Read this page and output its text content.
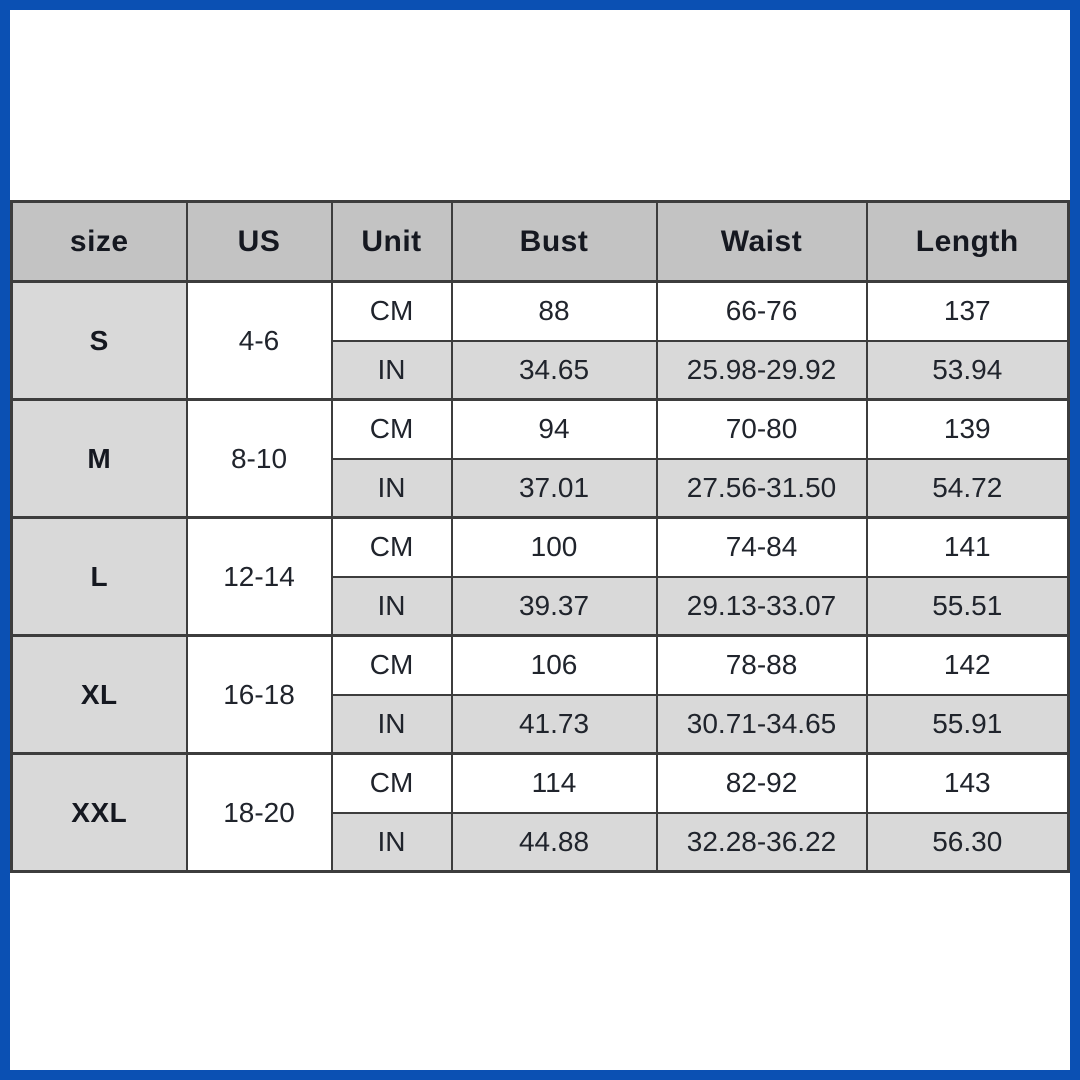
size	US	Unit	Bust	Waist	Length
S	4-6	CM	88	66-76	137
		IN	34.65	25.98-29.92	53.94
M	8-10	CM	94	70-80	139
		IN	37.01	27.56-31.50	54.72
L	12-14	CM	100	74-84	141
		IN	39.37	29.13-33.07	55.51
XL	16-18	CM	106	78-88	142
		IN	41.73	30.71-34.65	55.91
XXL	18-20	CM	114	82-92	143
		IN	44.88	32.28-36.22	56.30
